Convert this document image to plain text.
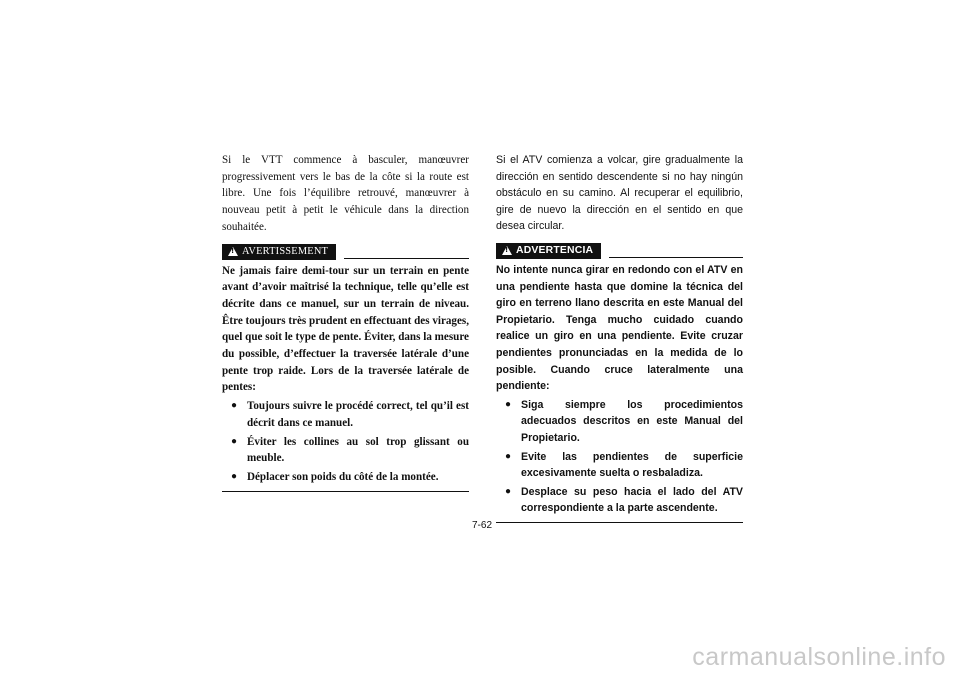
Si le VTT commence à basculer, manœuvrer progressivement vers le bas de la côte si la route est libre. Une fois l’équilibre retrouvé, manœuvrer à nouveau petit à petit le véhicule dans la direction souhaitée.

!
AVERTISSEMENT

Ne jamais faire demi-tour sur un terrain en pente avant d’avoir maîtrisé la technique, telle qu’elle est décrite dans ce manuel, sur un terrain de niveau. Être toujours très prudent en effectuant des virages, quel que soit le type de pente. Éviter, dans la mesure du possible, d’effectuer la traversée latérale d’une pente trop raide. Lors de la traversée latérale de pentes:

● Toujours suivre le procédé correct, tel qu’il est décrit dans ce manuel.
● Éviter les collines au sol trop glissant ou meuble.
● Déplacer son poids du côté de la montée.

Si el ATV comienza a volcar, gire gradualmente la dirección en sentido descendente si no hay ningún obstáculo en su camino. Al recuperar el equilibrio, gire de nuevo la dirección en el sentido en que desea circular.

!
ADVERTENCIA

No intente nunca girar en redondo con el ATV en una pendiente hasta que domine la técnica del giro en terreno llano descrita en este Manual del Propietario. Tenga mucho cuidado cuando realice un giro en una pendiente. Evite cruzar pendientes pronunciadas en la medida de lo posible. Cuando cruce lateralmente una pendiente:

● Siga siempre los procedimientos adecuados descritos en este Manual del Propietario.
● Evite las pendientes de superficie excesivamente suelta o resbaladiza.
● Desplace su peso hacia el lado del ATV correspondiente a la parte ascendente.
7-62
carmanualsonline.info
